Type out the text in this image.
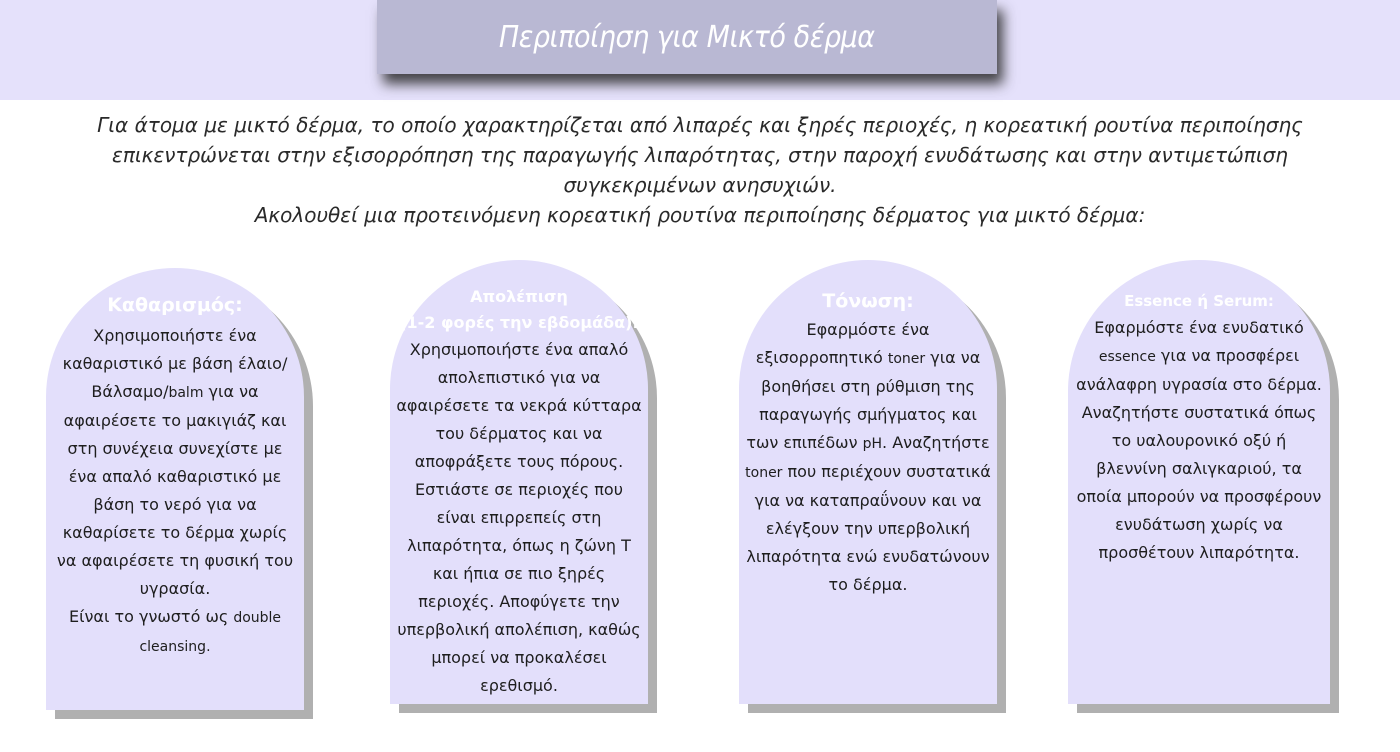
Περιποίηση για Μικτό δέρμα

Για άτομα με μικτό δέρμα, το οποίο χαρακτηρίζεται από λιπαρές και ξηρές περιοχές, η κορεατική ρουτίνα περιποίησης επικεντρώνεται στην εξισορρόπηση της παραγωγής λιπαρότητας, στην παροχή ενυδάτωσης και στην αντιμετώπιση συγκεκριμένων ανησυχιών.

Ακολουθεί μια προτεινόμενη κορεατική ρουτίνα περιποίησης δέρματος για μικτό δέρμα:

Καθαρισμός:

Χρησιμοποιήστε ένα καθαριστικό με βάση έλαιο/Βάλσαμο/balm για να αφαιρέσετε το μακιγιάζ και στη συνέχεια συνεχίστε με ένα απαλό καθαριστικό με βάση το νερό για να καθαρίσετε το δέρμα χωρίς να αφαιρέσετε τη φυσική του υγρασία.
Είναι το γνωστό ως double cleansing.

Απολέπιση

(1-2 φορές την εβδομάδα):

Χρησιμοποιήστε ένα απαλό απολεπιστικό για να αφαιρέσετε τα νεκρά κύτταρα του δέρματος και να αποφράξετε τους πόρους. Εστιάστε σε περιοχές που είναι επιρρεπείς στη λιπαρότητα, όπως η ζώνη T και ήπια σε πιο ξηρές περιοχές. Αποφύγετε την υπερβολική απολέπιση, καθώς μπορεί να προκαλέσει ερεθισμό.

Τόνωση:

Εφαρμόστε ένα εξισορροπητικό toner για να βοηθήσει στη ρύθμιση της παραγωγής σμήγματος και των επιπέδων pH. Αναζητήστε toner που περιέχουν συστατικά για να καταπραΰνουν και να ελέγξουν την υπερβολική λιπαρότητα ενώ ενυδατώνουν το δέρμα.

Essence ή Serum:

Εφαρμόστε ένα ενυδατικό essence για να προσφέρει ανάλαφρη υγρασία στο δέρμα. Αναζητήστε συστατικά όπως το υαλουρονικό οξύ ή βλεννίνη σαλιγκαριού, τα οποία μπορούν να προσφέρουν ενυδάτωση χωρίς να προσθέτουν λιπαρότητα.
